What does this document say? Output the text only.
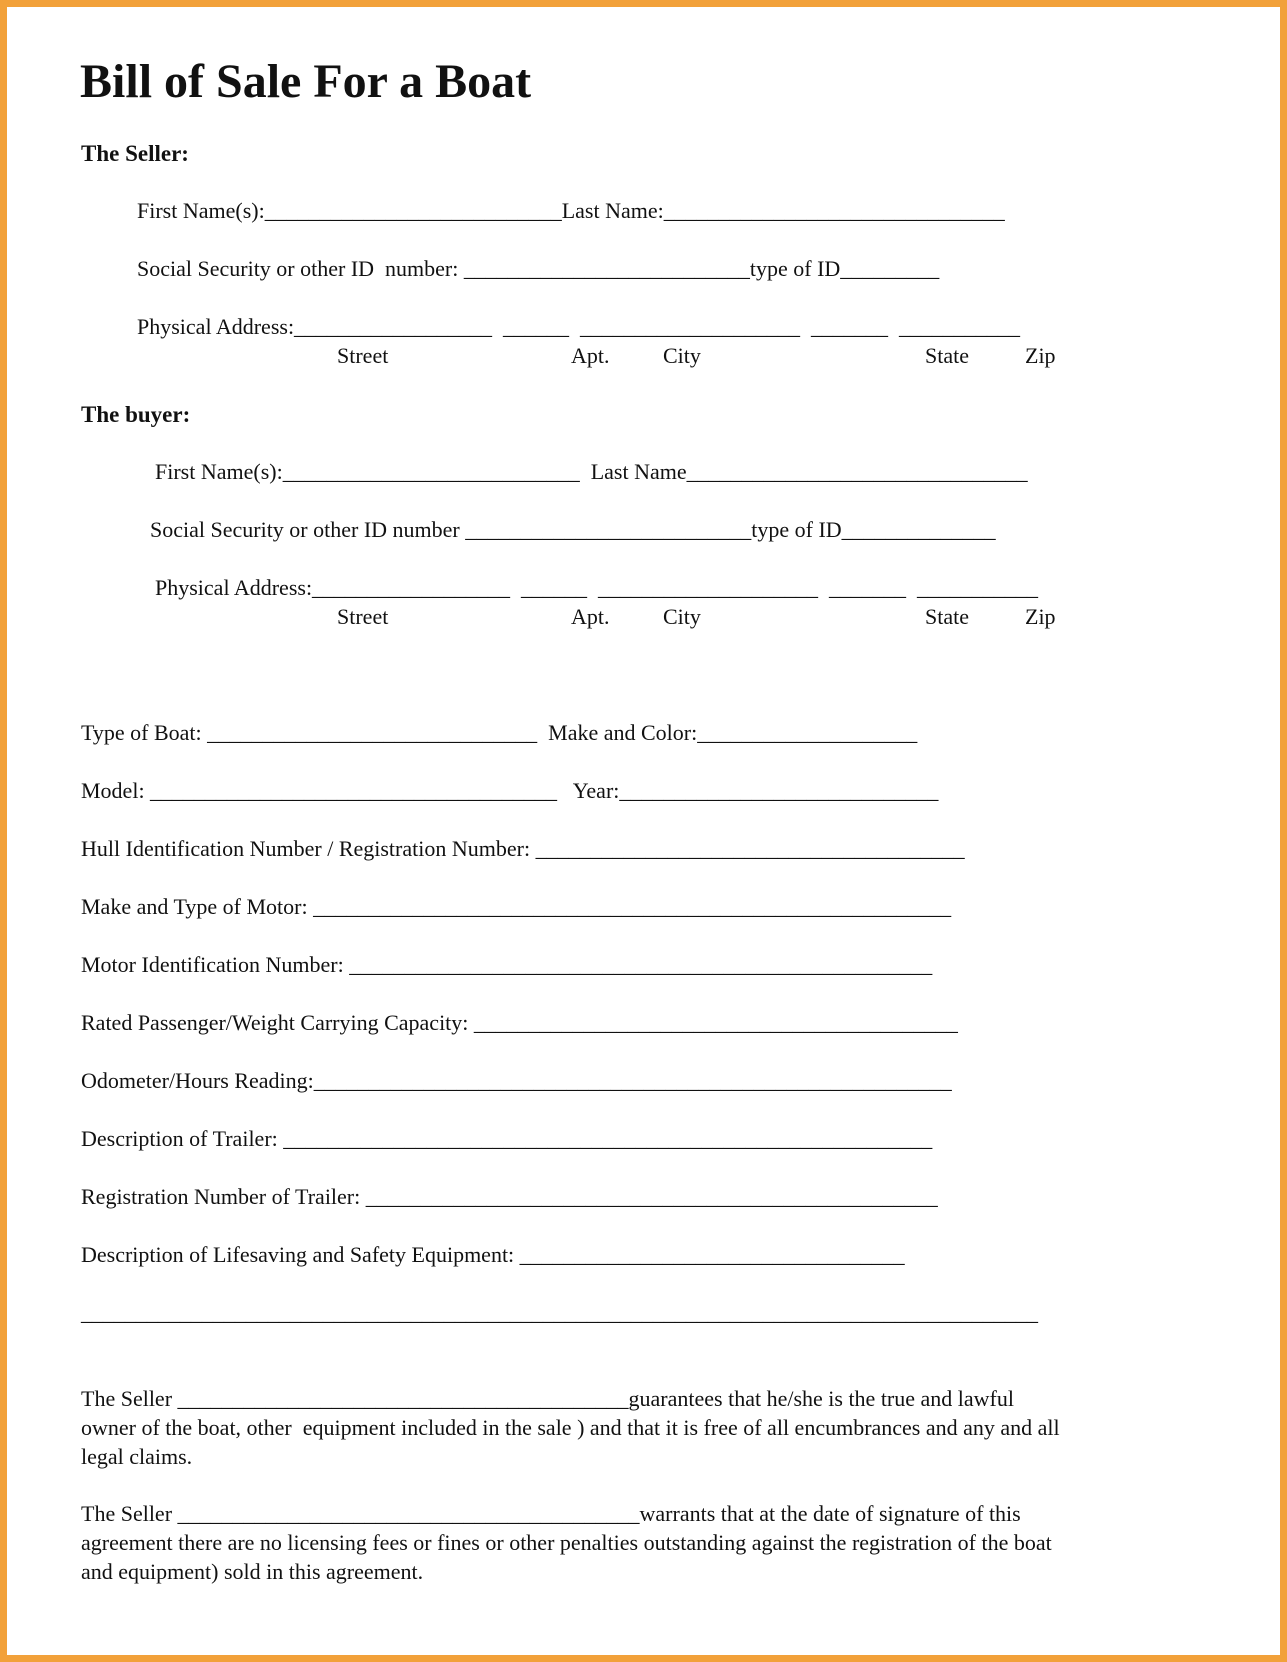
Bill of Sale For a Boat
The Seller:
First Name(s):___________________________Last Name:_______________________________
Social Security or other ID  number: __________________________type of ID_________
Physical Address:__________________  ______  ____________________  _______  ___________
Street	Apt. City	State	Zip
The buyer:
First Name(s):___________________________  Last Name_______________________________
Social Security or other ID number __________________________type of ID______________
Physical Address:__________________  ______  ____________________  _______  ___________
Street	Apt. City	State	Zip
Type of Boat: ______________________________  Make and Color:____________________
Model: _____________________________________   Year:_____________________________
Hull Identification Number / Registration Number: _______________________________________
Make and Type of Motor: __________________________________________________________
Motor Identification Number: _____________________________________________________
Rated Passenger/Weight Carrying Capacity: ____________________________________________
Odometer/Hours Reading:__________________________________________________________
Description of Trailer: ___________________________________________________________
Registration Number of Trailer: ____________________________________________________
Description of Lifesaving and Safety Equipment: ___________________________________
_______________________________________________________________________________________
The Seller _________________________________________guarantees that he/she is the true and lawful
owner of the boat, other  equipment included in the sale ) and that it is free of all encumbrances and any and all
legal claims.
The Seller __________________________________________warrants that at the date of signature of this
agreement there are no licensing fees or fines or other penalties outstanding against the registration of the boat
and equipment) sold in this agreement.
